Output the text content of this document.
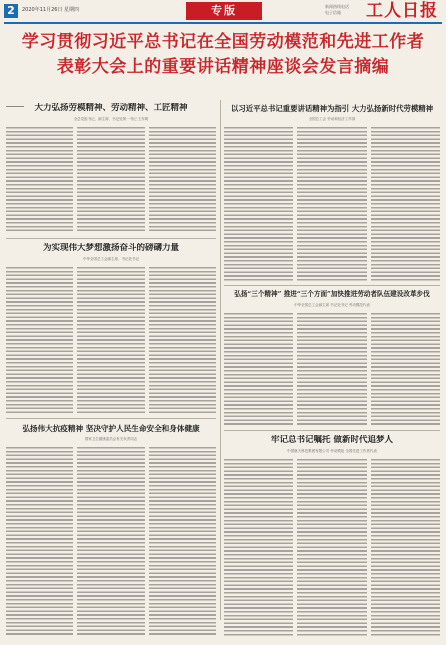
2	2020年11月26日 星期四	专版	新闻热线电话
电子信箱	工人日报
学习贯彻习近平总书记在全国劳动模范和先进工作者
表彰大会上的重要讲话精神座谈会发言摘编
大力弘扬劳模精神、劳动精神、工匠精神
全总党组书记、副主席、书记处第一书记 王东明
以习近平总书记重要讲话精神为指引 大力弘扬新时代劳模精神
全国总工会 劳动和经济工作部
为实现伟大梦想激扬奋斗的磅礴力量
中华全国总工会副主席、书记处书记
弘扬“三个精神” 推进“三个方面”加快推进劳动者队伍建设改革步伐
中华全国总工会副主席 书记处书记 劳动模范代表
弘扬伟大抗疫精神 坚决守护人民生命安全和身体健康
国家卫生健康委员会有关负责同志	牢记总书记嘱托 做新时代追梦人
中国航天科技集团有限公司 劳动模范 全国先进工作者代表
